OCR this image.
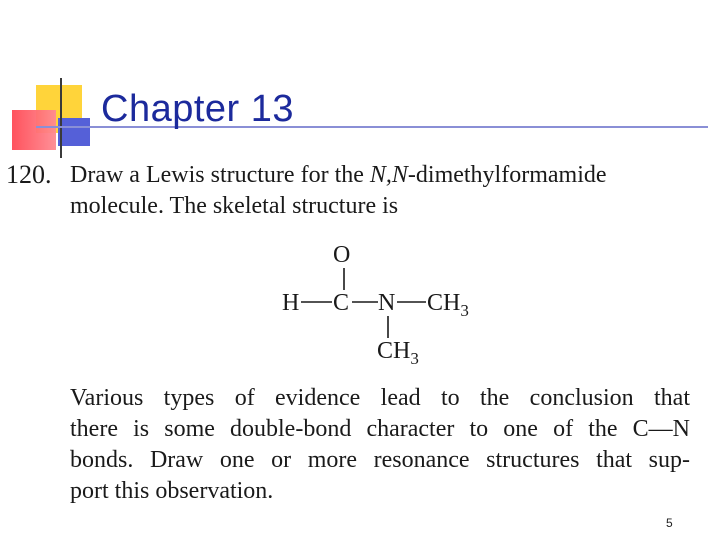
Chapter 13
120. Draw a Lewis structure for the N,N-dimethylformamide
molecule. The skeletal structure is
O
H C N $CH_3$
$CH_3$
Various types of evidence lead to the conclusion that
there is some double-bond character to one of the C—N
bonds. Draw one or more resonance structures that sup-
port this observation.
5
